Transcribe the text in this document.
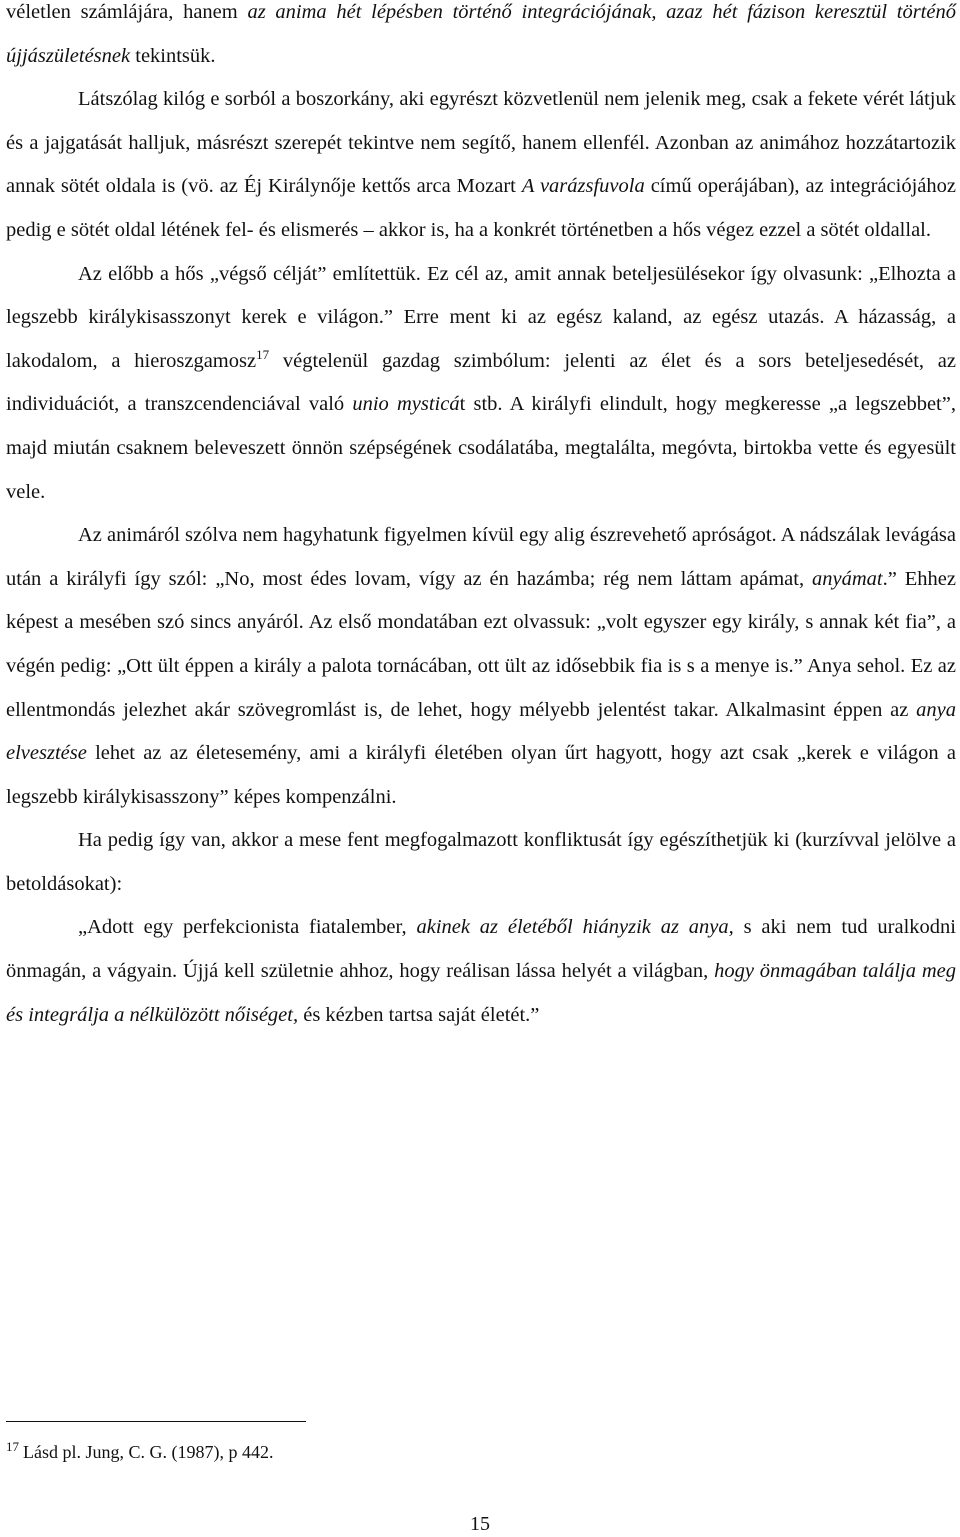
véletlen számlájára, hanem az anima hét lépésben történő integrációjának, azaz hét fázison keresztül történő újjászületésnek tekintsük.

Látszólag kilóg e sorból a boszorkány, aki egyrészt közvetlenül nem jelenik meg, csak a fekete vérét látjuk és a jajgatását halljuk, másrészt szerepét tekintve nem segítő, hanem ellenfél. Azonban az animához hozzátartozik annak sötét oldala is (vö. az Éj Királynője kettős arca Mozart A varázsfuvola című operájában), az integrációjához pedig e sötét oldal létének fel- és elismerés – akkor is, ha a konkrét történetben a hős végez ezzel a sötét oldallal.

Az előbb a hős „végső célját” említettük. Ez cél az, amit annak beteljesülésekor így olvasunk: „Elhozta a legszebb királykisasszonyt kerek e világon.” Erre ment ki az egész kaland, az egész utazás. A házasság, a lakodalom, a hieroszgamosz$^{17}$ végtelenül gazdag szimbólum: jelenti az élet és a sors beteljesedését, az individuációt, a transzcendenciával való unio mysticát stb. A királyfi elindult, hogy megkeresse „a legszebbet”, majd miután csaknem beleveszett önnön szépségének csodálatába, megtalálta, megóvta, birtokba vette és egyesült vele.

Az animáról szólva nem hagyhatunk figyelmen kívül egy alig észrevehető apróságot. A nádszálak levágása után a királyfi így szól: „No, most édes lovam, vígy az én hazámba; rég nem láttam apámat, anyámat.” Ehhez képest a mesében szó sincs anyáról. Az első mondatában ezt olvassuk: „volt egyszer egy király, s annak két fia”, a végén pedig: „Ott ült éppen a király a palota tornácában, ott ült az idősebbik fia is s a menye is.” Anya sehol. Ez az ellentmondás jelezhet akár szövegromlást is, de lehet, hogy mélyebb jelentést takar. Alkalmasint éppen az anya elvesztése lehet az az életesemény, ami a királyfi életében olyan űrt hagyott, hogy azt csak „kerek e világon a legszebb királykisasszony” képes kompenzálni.

Ha pedig így van, akkor a mese fent megfogalmazott konfliktusát így egészíthetjük ki (kurzívval jelölve a betoldásokat):

„Adott egy perfekcionista fiatalember, akinek az életéből hiányzik az anya, s aki nem tud uralkodni önmagán, a vágyain. Újjá kell születnie ahhoz, hogy reálisan lássa helyét a világban, hogy önmagában találja meg és integrálja a nélkülözött nőiséget, és kézben tartsa saját életét.”

$^{17}$ Lásd pl. Jung, C. G. (1987), p 442.
15
